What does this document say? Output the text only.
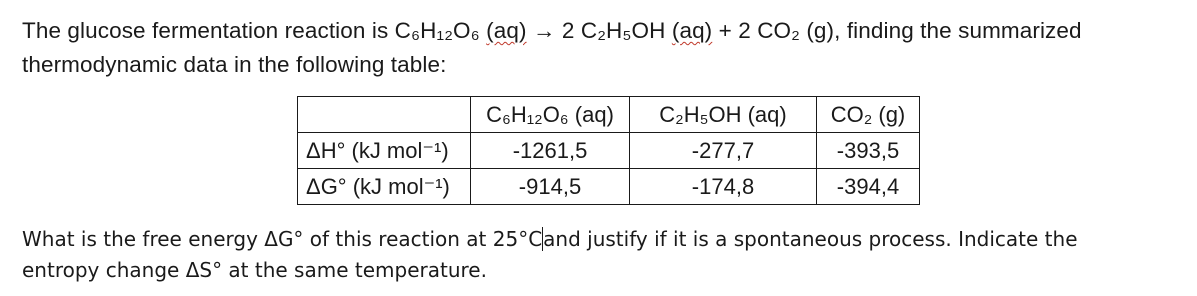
The glucose fermentation reaction is C₆H₁₂O₆ (aq) → 2 C₂H₅OH (aq) + 2 CO₂ (g), finding the summarized
thermodynamic data in the following table:
	C₆H₁₂O₆ (aq)	C₂H₅OH (aq)	CO₂ (g)
ΔH° (kJ mol⁻¹)	-1261,5	-277,7	-393,5
ΔG° (kJ mol⁻¹)	-914,5	-174,8	-394,4
What is the free energy ΔG° of this reaction at 25°Cand justify if it is a spontaneous process. Indicate the
entropy change ΔS° at the same temperature.
